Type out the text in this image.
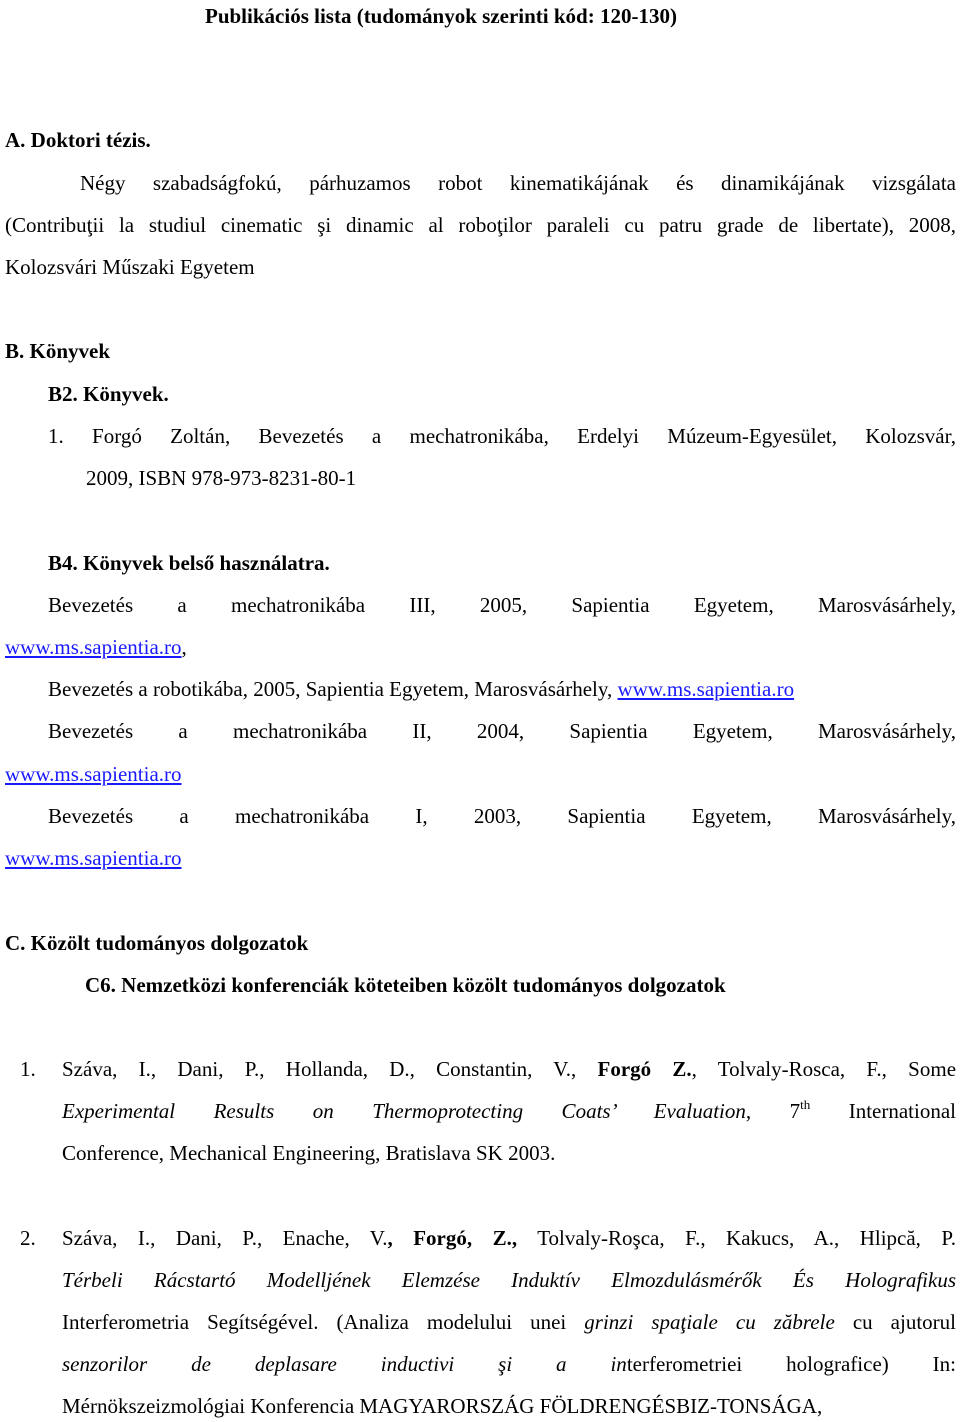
Publikációs lista (tudományok szerinti kód: 120-130)
A. Doktori tézis.
Négy szabadságfokú, párhuzamos robot kinematikájának és dinamikájának vizsgálata
(Contribuţii la studiul cinematic şi dinamic al roboţilor paraleli cu patru grade de libertate), 2008,
Kolozsvári Műszaki Egyetem
B. Könyvek
B2. Könyvek.
1. Forgó Zoltán, Bevezetés a mechatronikába, Erdelyi Múzeum-Egyesület, Kolozsvár,
2009, ISBN 978-973-8231-80-1
B4. Könyvek belső használatra.
Bevezetés a mechatronikába III, 2005, Sapientia Egyetem, Marosvásárhely,
www.ms.sapientia.ro,
Bevezetés a robotikába, 2005, Sapientia Egyetem, Marosvásárhely, www.ms.sapientia.ro
Bevezetés a mechatronikába II, 2004, Sapientia Egyetem, Marosvásárhely,
www.ms.sapientia.ro
Bevezetés a mechatronikába I, 2003, Sapientia Egyetem, Marosvásárhely,
www.ms.sapientia.ro
C. Közölt tudományos dolgozatok
C6. Nemzetközi konferenciák köteteiben közölt tudományos dolgozatok
1.	Száva, I., Dani, P., Hollanda, D., Constantin, V., Forgó Z., Tolvaly-Rosca, F., Some
Experimental Results on Thermoprotecting Coats’ Evaluation, 7th International
Conference, Mechanical Engineering, Bratislava SK 2003.
2.	Száva, I., Dani, P., Enache, V., Forgó, Z., Tolvaly-Roşca, F., Kakucs, A., Hlipcă, P.
Térbeli Rácstartó Modelljének Elemzése Induktív Elmozdulásmérők És Holografikus
Interferometria Segítségével. (Analiza modelului unei grinzi spaţiale cu zăbrele cu ajutorul
senzorilor de deplasare inductivi şi a interferometriei holografice) In:
Mérnökszeizmológiai Konferencia MAGYARORSZÁG FÖLDRENGÉSBIZ-TONSÁGA,
